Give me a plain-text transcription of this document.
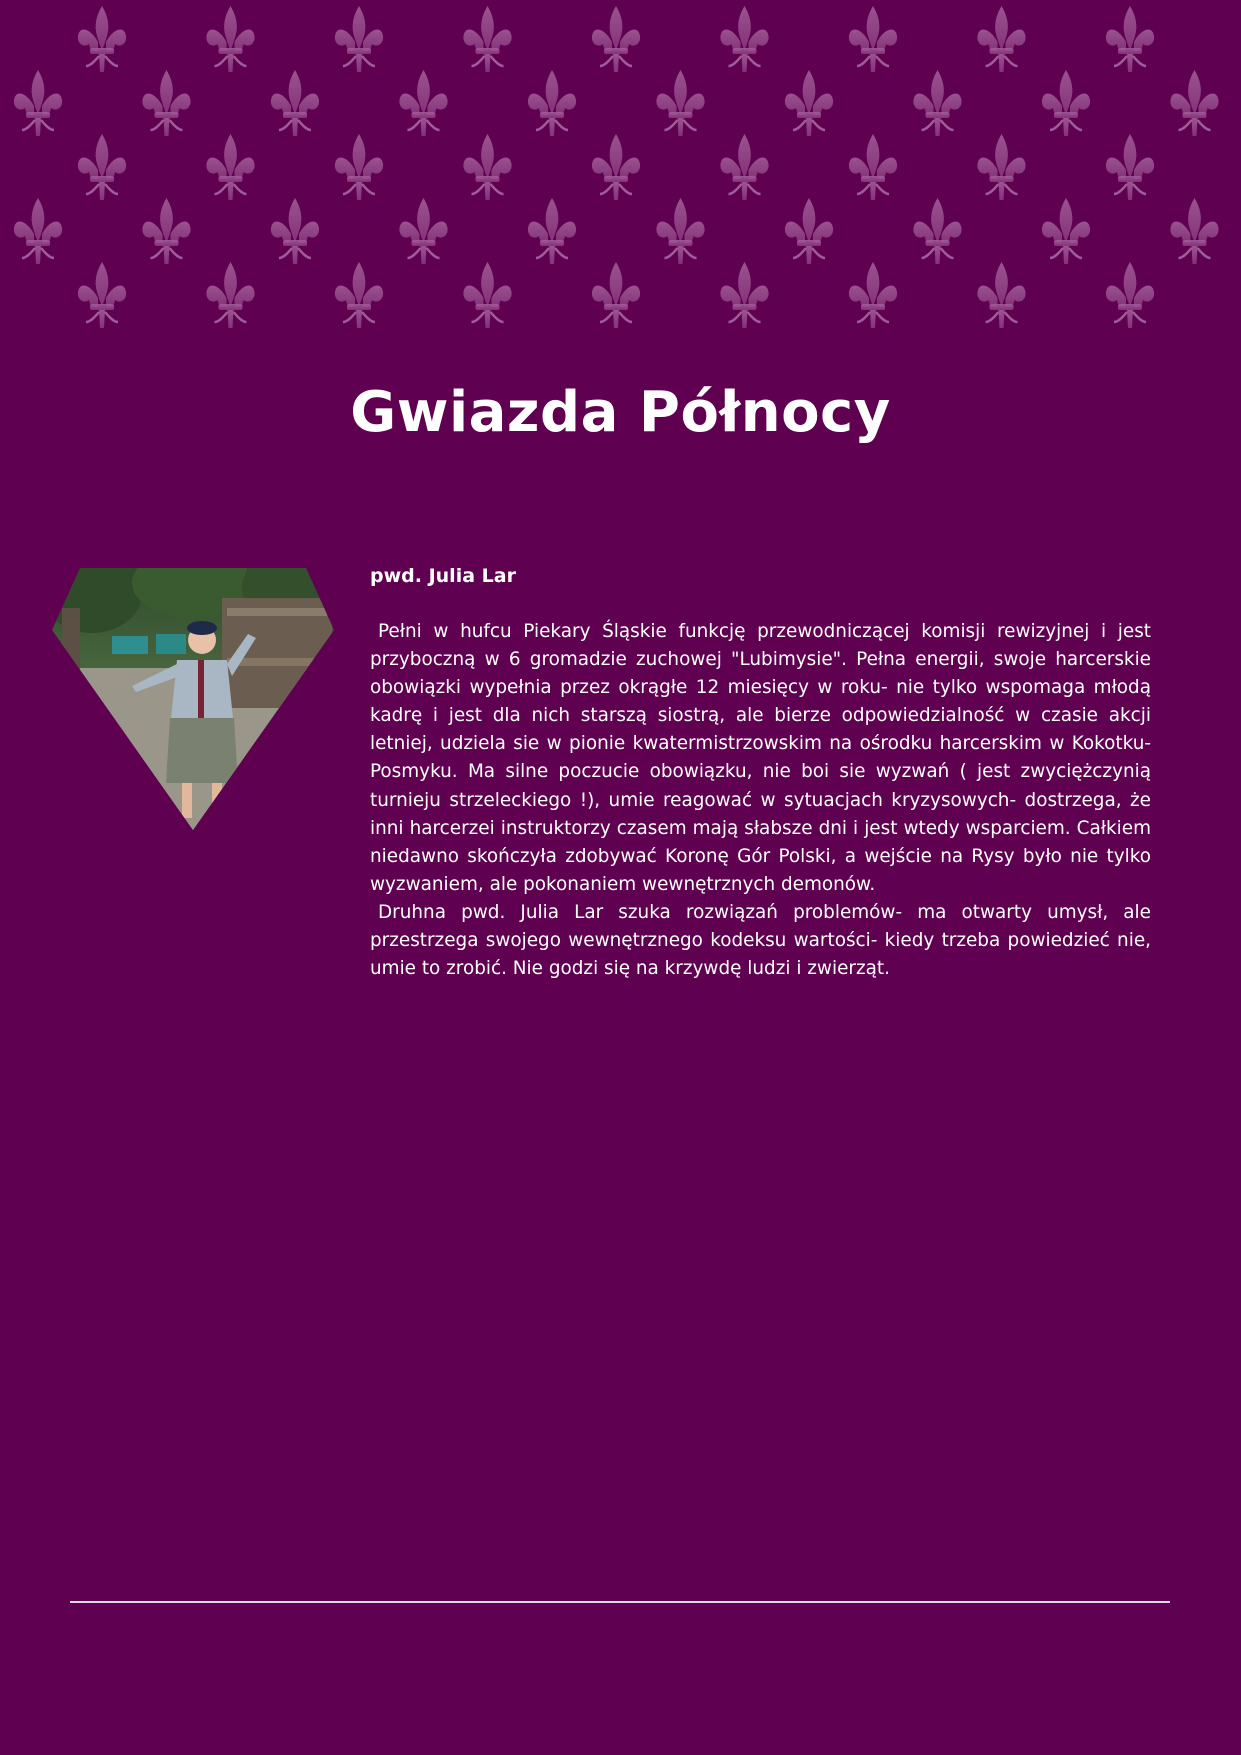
Gwiazda Północy

pwd. Julia Lar

Pełni w hufcu Piekary Śląskie funkcję przewodniczącej komisji rewizyjnej i jest przyboczną w 6 gromadzie zuchowej "Lubimysie". Pełna energii, swoje harcerskie obowiązki wypełnia przez okrągłe 12 miesięcy w roku- nie tylko wspomaga młodą kadrę i jest dla nich starszą siostrą, ale bierze odpowiedzialność w czasie akcji letniej, udziela sie w pionie kwatermistrzowskim na ośrodku harcerskim w Kokotku- Posmyku. Ma silne poczucie obowiązku, nie boi sie wyzwań ( jest zwyciężczynią turnieju strzeleckiego !), umie reagować w sytuacjach kryzysowych- dostrzega, że inni harcerzei instruktorzy czasem mają słabsze dni i jest wtedy wsparciem. Całkiem niedawno skończyła zdobywać Koronę Gór Polski, a wejście na Rysy było nie tylko wyzwaniem, ale pokonaniem wewnętrznych demonów.

Druhna pwd. Julia Lar szuka rozwiązań problemów- ma otwarty umysł, ale przestrzega swojego wewnętrznego kodeksu wartości- kiedy trzeba powiedzieć nie, umie to zrobić. Nie godzi się na krzywdę ludzi i zwierząt.
